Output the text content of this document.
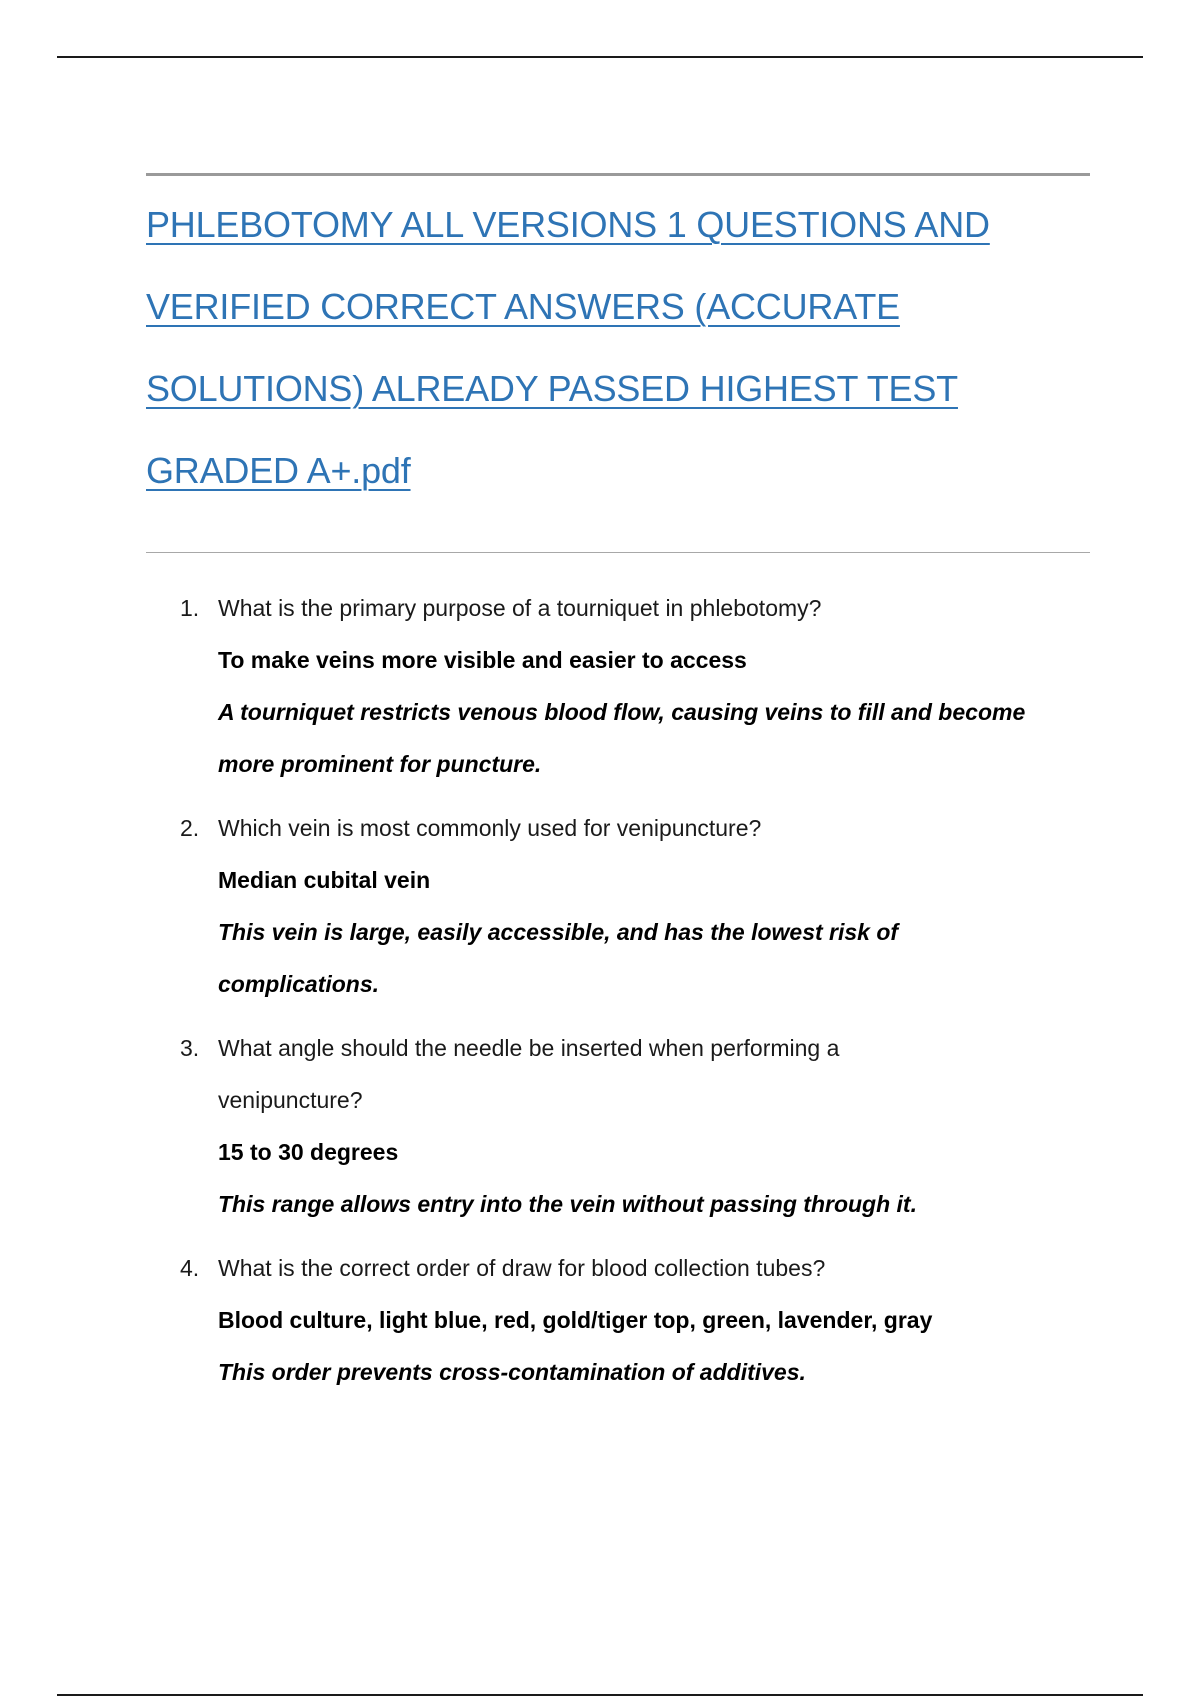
PHLEBOTOMY ALL VERSIONS 1 QUESTIONS AND
VERIFIED CORRECT ANSWERS (ACCURATE
SOLUTIONS) ALREADY PASSED HIGHEST TEST
GRADED A+.pdf
1. What is the primary purpose of a tourniquet in phlebotomy?
To make veins more visible and easier to access
A tourniquet restricts venous blood flow, causing veins to fill and become
more prominent for puncture.
2. Which vein is most commonly used for venipuncture?
Median cubital vein
This vein is large, easily accessible, and has the lowest risk of
complications.
3. What angle should the needle be inserted when performing a
venipuncture?
15 to 30 degrees
This range allows entry into the vein without passing through it.
4. What is the correct order of draw for blood collection tubes?
Blood culture, light blue, red, gold/tiger top, green, lavender, gray
This order prevents cross-contamination of additives.
